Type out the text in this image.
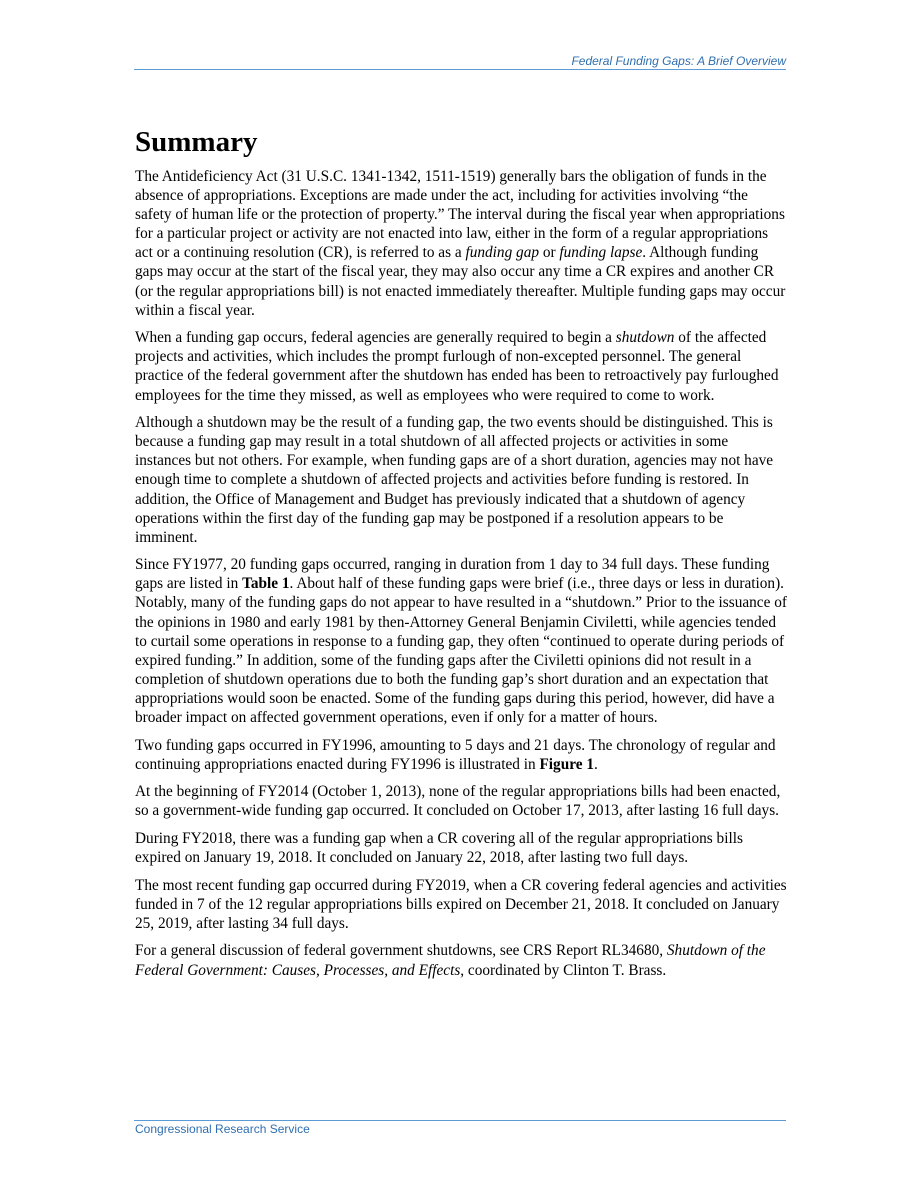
Federal Funding Gaps: A Brief Overview
Summary

The Antideficiency Act (31 U.S.C. 1341-1342, 1511-1519) generally bars the obligation of funds in the absence of appropriations. Exceptions are made under the act, including for activities involving “the safety of human life or the protection of property.” The interval during the fiscal year when appropriations for a particular project or activity are not enacted into law, either in the form of a regular appropriations act or a continuing resolution (CR), is referred to as a funding gap or funding lapse. Although funding gaps may occur at the start of the fiscal year, they may also occur any time a CR expires and another CR (or the regular appropriations bill) is not enacted immediately thereafter. Multiple funding gaps may occur within a fiscal year.

When a funding gap occurs, federal agencies are generally required to begin a shutdown of the affected projects and activities, which includes the prompt furlough of non-excepted personnel. The general practice of the federal government after the shutdown has ended has been to retroactively pay furloughed employees for the time they missed, as well as employees who were required to come to work.

Although a shutdown may be the result of a funding gap, the two events should be distinguished. This is because a funding gap may result in a total shutdown of all affected projects or activities in some instances but not others. For example, when funding gaps are of a short duration, agencies may not have enough time to complete a shutdown of affected projects and activities before funding is restored. In addition, the Office of Management and Budget has previously indicated that a shutdown of agency operations within the first day of the funding gap may be postponed if a resolution appears to be imminent.

Since FY1977, 20 funding gaps occurred, ranging in duration from 1 day to 34 full days. These funding gaps are listed in Table 1. About half of these funding gaps were brief (i.e., three days or less in duration). Notably, many of the funding gaps do not appear to have resulted in a “shutdown.” Prior to the issuance of the opinions in 1980 and early 1981 by then-Attorney General Benjamin Civiletti, while agencies tended to curtail some operations in response to a funding gap, they often “continued to operate during periods of expired funding.” In addition, some of the funding gaps after the Civiletti opinions did not result in a completion of shutdown operations due to both the funding gap’s short duration and an expectation that appropriations would soon be enacted. Some of the funding gaps during this period, however, did have a broader impact on affected government operations, even if only for a matter of hours.

Two funding gaps occurred in FY1996, amounting to 5 days and 21 days. The chronology of regular and continuing appropriations enacted during FY1996 is illustrated in Figure 1.

At the beginning of FY2014 (October 1, 2013), none of the regular appropriations bills had been enacted, so a government-wide funding gap occurred. It concluded on October 17, 2013, after lasting 16 full days.

During FY2018, there was a funding gap when a CR covering all of the regular appropriations bills expired on January 19, 2018. It concluded on January 22, 2018, after lasting two full days.

The most recent funding gap occurred during FY2019, when a CR covering federal agencies and activities funded in 7 of the 12 regular appropriations bills expired on December 21, 2018. It concluded on January 25, 2019, after lasting 34 full days.

For a general discussion of federal government shutdowns, see CRS Report RL34680, Shutdown of the Federal Government: Causes, Processes, and Effects, coordinated by Clinton T. Brass.

Congressional Research Service
